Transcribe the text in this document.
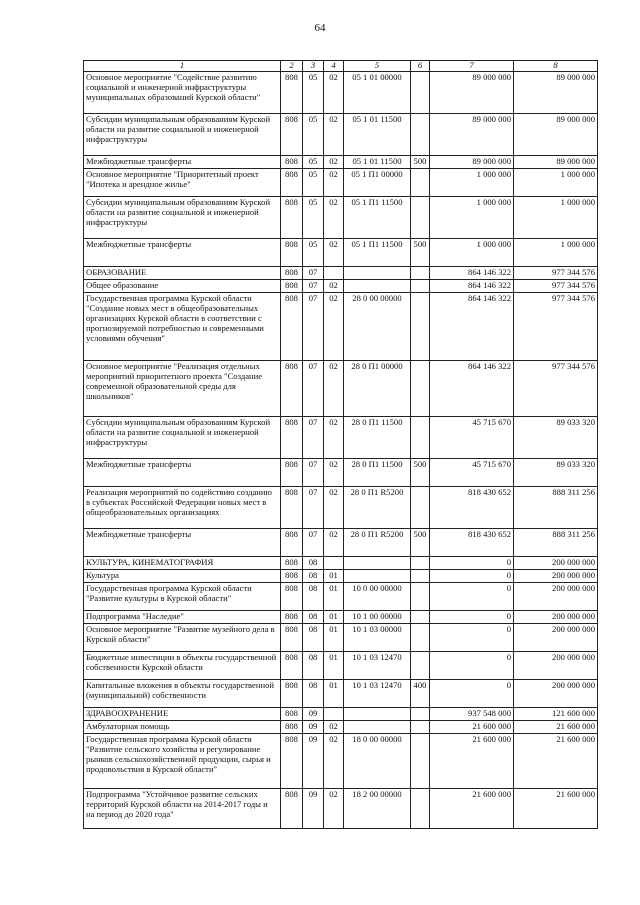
64
1	2	3	4	5	6	7	8
Основное мероприятие "Содействие развитию социальной и инженерной инфраструктуры муниципальных образований Курской области"	808	05	02	05 1 01 00000		89 000 000	89 000 000
Субсидии муниципальным образованиям Курской области на развитие социальной и инженерной инфраструктуры	808	05	02	05 1 01 11500		89 000 000	89 000 000
Межбюджетные трансферты	808	05	02	05 1 01 11500	500	89 000 000	89 000 000
Основное мероприятие "Приоритетный проект "Ипотека и арендное жилье"	808	05	02	05 1 П1 00000		1 000 000	1 000 000
Субсидии муниципальным образованиям Курской области на развитие социальной и инженерной инфраструктуры	808	05	02	05 1 П1 11500		1 000 000	1 000 000
Межбюджетные трансферты	808	05	02	05 1 П1 11500	500	1 000 000	1 000 000
ОБРАЗОВАНИЕ	808	07				864 146 322	977 344 576
Общее образование	808	07	02			864 146 322	977 344 576
Государственная программа Курской области "Создание новых мест в общеобразовательных организациях Курской области в соответствии с прогнозируемой потребностью и современными условиями обучения"	808	07	02	28 0 00 00000		864 146 322	977 344 576
Основное мероприятие "Реализация отдельных мероприятий приоритетного проекта "Создание современной образовательной среды для школьников"	808	07	02	28 0 П1 00000		864 146 322	977 344 576
Субсидии муниципальным образованиям Курской области на развитие социальной и инженерной инфраструктуры	808	07	02	28 0 П1 11500		45 715 670	89 033 320
Межбюджетные трансферты	808	07	02	28 0 П1 11500	500	45 715 670	89 033 320
Реализация мероприятий по содействию созданию в субъектах Российской Федерации новых мест в общеобразовательных организациях	808	07	02	28 0 П1 R5200		818 430 652	888 311 256
Межбюджетные трансферты	808	07	02	28 0 П1 R5200	500	818 430 652	888 311 256
КУЛЬТУРА, КИНЕМАТОГРАФИЯ	808	08				0	200 000 000
Культура	808	08	01			0	200 000 000
Государственная программа Курской области "Развитие культуры в Курской области"	808	08	01	10 0 00 00000		0	200 000 000
Подпрограмма "Наследие"	808	08	01	10 1 00 00000		0	200 000 000
Основное мероприятие "Развитие музейного дела в Курской области"	808	08	01	10 1 03 00000		0	200 000 000
Бюджетные инвестиции в объекты государственной собственности Курской области	808	08	01	10 1 03 12470		0	200 000 000
Капитальные вложения в объекты государственной (муниципальной) собственности	808	08	01	10 1 03 12470	400	0	200 000 000
ЗДРАВООХРАНЕНИЕ	808	09				937 548 000	121 600 000
Амбулаторная помощь	808	09	02			21 600 000	21 600 000
Государственная программа Курской области "Развитие сельского хозяйства и регулирование рынков сельскохозяйственной продукции, сырья и продовольствия в Курской области"	808	09	02	18 0 00 00000		21 600 000	21 600 000
Подпрограмма "Устойчивое развитие сельских территорий Курской области на 2014-2017 годы и на период до 2020 года"	808	09	02	18 2 00 00000		21 600 000	21 600 000
